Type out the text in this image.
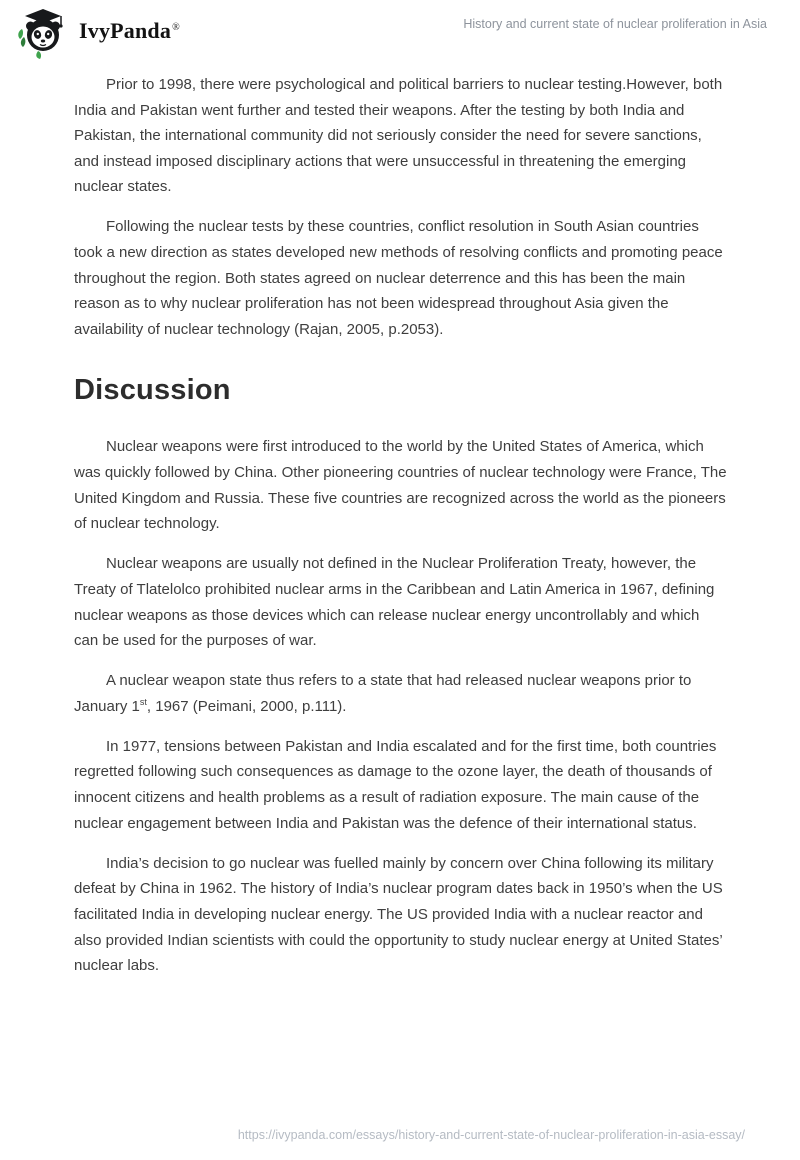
IvyPanda®	History and current state of nuclear proliferation in Asia

Prior to 1998, there were psychological and political barriers to nuclear testing.However, both India and Pakistan went further and tested their weapons. After the testing by both India and Pakistan, the international community did not seriously consider the need for severe sanctions, and instead imposed disciplinary actions that were unsuccessful in threatening the emerging nuclear states.

Following the nuclear tests by these countries, conflict resolution in South Asian countries took a new direction as states developed new methods of resolving conflicts and promoting peace throughout the region. Both states agreed on nuclear deterrence and this has been the main reason as to why nuclear proliferation has not been widespread throughout Asia given the availability of nuclear technology (Rajan, 2005, p.2053).

Discussion

Nuclear weapons were first introduced to the world by the United States of America, which was quickly followed by China. Other pioneering countries of nuclear technology were France, The United Kingdom and Russia. These five countries are recognized across the world as the pioneers of nuclear technology.

Nuclear weapons are usually not defined in the Nuclear Proliferation Treaty, however, the Treaty of Tlatelolco prohibited nuclear arms in the Caribbean and Latin America in 1967, defining nuclear weapons as those devices which can release nuclear energy uncontrollably and which can be used for the purposes of war.

A nuclear weapon state thus refers to a state that had released nuclear weapons prior to January 1st, 1967 (Peimani, 2000, p.111).

In 1977, tensions between Pakistan and India escalated and for the first time, both countries regretted following such consequences as damage to the ozone layer, the death of thousands of innocent citizens and health problems as a result of radiation exposure. The main cause of the nuclear engagement between India and Pakistan was the defence of their international status.

India’s decision to go nuclear was fuelled mainly by concern over China following its military defeat by China in 1962. The history of India’s nuclear program dates back in 1950’s when the US facilitated India in developing nuclear energy. The US provided India with a nuclear reactor and also provided Indian scientists with could the opportunity to study nuclear energy at United States’ nuclear labs.

https://ivypanda.com/essays/history-and-current-state-of-nuclear-proliferation-in-asia-essay/
